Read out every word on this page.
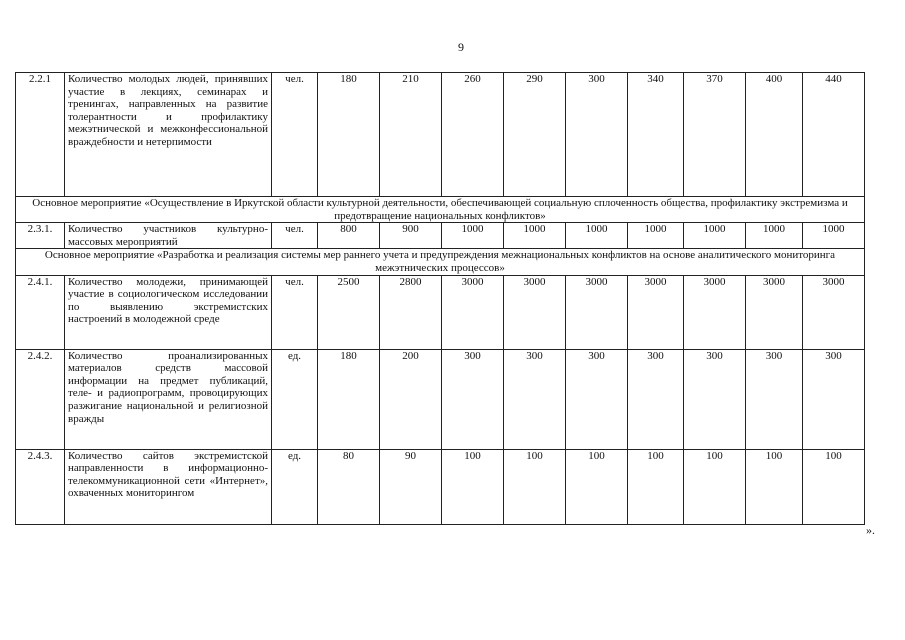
9
2.2.1	Количество молодых людей, принявших участие в лекциях, семинарах и тренингах, направленных на развитие толерантности и профилактику межэтнической и межконфессиональной враждебности и нетерпимости	чел.	180	210	260	290	300	340	370	400	440
Основное мероприятие «Осуществление в Иркутской области культурной деятельности, обеспечивающей социальную сплоченность общества, профилактику экстремизма и предотвращение национальных конфликтов»											
2.3.1.	Количество участников культурно-массовых мероприятий	чел.	800	900	1000	1000	1000	1000	1000	1000	1000
Основное мероприятие «Разработка и реализация системы мер раннего учета и предупреждения межнациональных конфликтов на основе аналитического мониторинга межэтнических процессов»											
2.4.1.	Количество молодежи, принимающей участие в социологическом исследовании по выявлению экстремистских настроений в молодежной среде	чел.	2500	2800	3000	3000	3000	3000	3000	3000	3000
2.4.2.	Количество проанализированных материалов средств массовой информации на предмет публикаций, теле- и радиопрограмм, провоцирующих разжигание национальной и религиозной вражды	ед.	180	200	300	300	300	300	300	300	300
2.4.3.	Количество сайтов экстремистской направленности в информационно-телекоммуникационной сети «Интернет», охваченных мониторингом	ед.	80	90	100	100	100	100	100	100	100
».
